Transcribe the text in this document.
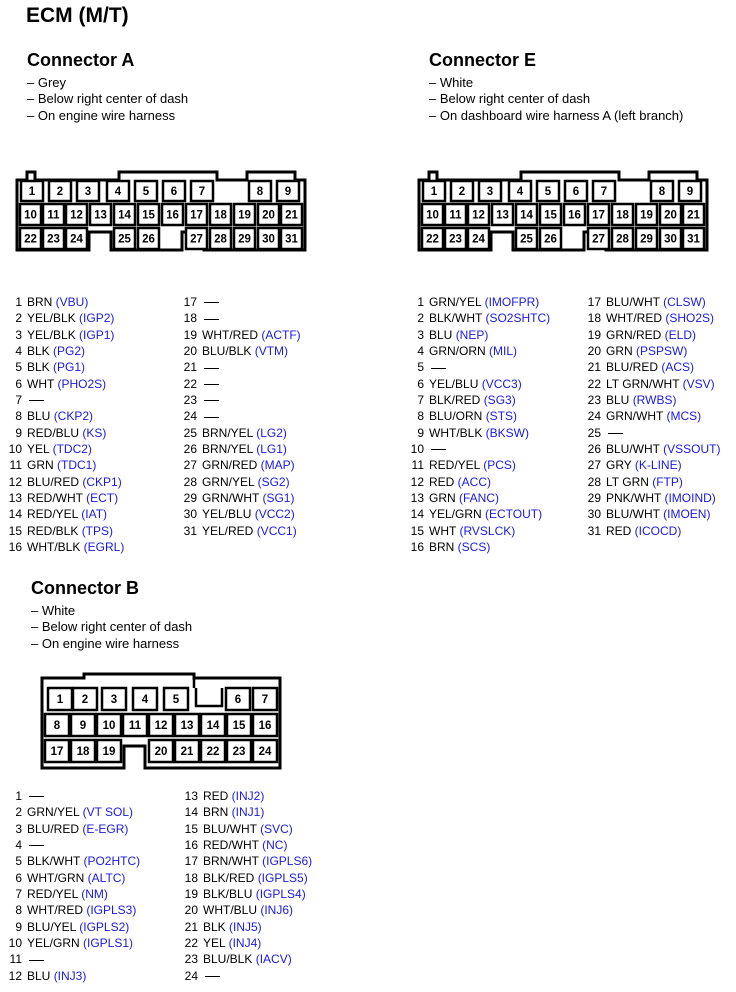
ECM (M/T)
Connector A
– Grey
– Below right center of dash
– On engine wire harness
1 2 3 4 5 6 7	8 9
10 11 12 13 14 15 16 17 18 19 20 21
22 23 24	25 26	27 28 29 30 31
1 BRN (VBU)
2 YEL/BLK (IGP2)
3 YEL/BLK (IGP1)
4 BLK (PG2)
5 BLK (PG1)
6 WHT (PHO2S)
7
8 BLU (CKP2)
9 RED/BLU (KS)
10 YEL (TDC2)
11 GRN (TDC1)
12 BLU/RED (CKP1)
13 RED/WHT (ECT)
14 RED/YEL (IAT)
15 RED/BLK (TPS)
16 WHT/BLK (EGRL)
17
18
19 WHT/RED (ACTF)
20 BLU/BLK (VTM)
21
22
23
24
25 BRN/YEL (LG2)
26 BRN/YEL (LG1)
27 GRN/RED (MAP)
28 GRN/YEL (SG2)
29 GRN/WHT (SG1)
30 YEL/BLU (VCC2)
31 YEL/RED (VCC1)
Connector E
– White
– Below right center of dash
– On dashboard wire harness A (left branch)
1 2 3 4 5 6 7	8 9
10 11 12 13 14 15 16 17 18 19 20 21
22 23 24	25 26	27 28 29 30 31
1 GRN/YEL (IMOFPR)
2 BLK/WHT (SO2SHTC)
3 BLU (NEP)
4 GRN/ORN (MIL)
5
6 YEL/BLU (VCC3)
7 BLK/RED (SG3)
8 BLU/ORN (STS)
9 WHT/BLK (BKSW)
10
11 RED/YEL (PCS)
12 RED (ACC)
13 GRN (FANC)
14 YEL/GRN (ECTOUT)
15 WHT (RVSLCK)
16 BRN (SCS)
17 BLU/WHT (CLSW)
18 WHT/RED (SHO2S)
19 GRN/RED (ELD)
20 GRN (PSPSW)
21 BLU/RED (ACS)
22 LT GRN/WHT (VSV)
23 BLU (RWBS)
24 GRN/WHT (MCS)
25
26 BLU/WHT (VSSOUT)
27 GRY (K-LINE)
28 LT GRN (FTP)
29 PNK/WHT (IMOIND)
30 BLU/WHT (IMOEN)
31 RED (ICOCD)
Connector B
– White
– Below right center of dash
– On engine wire harness
1 2 3 4 5	6 7
8 9 10 11 12 13 14 15 16
17 18 19	20 21 22 23 24
1
2 GRN/YEL (VT SOL)
3 BLU/RED (E-EGR)
4
5 BLK/WHT (PO2HTC)
6 WHT/GRN (ALTC)
7 RED/YEL (NM)
8 WHT/RED (IGPLS3)
9 BLU/YEL (IGPLS2)
10 YEL/GRN (IGPLS1)
11
12 BLU (INJ3)
13 RED (INJ2)
14 BRN (INJ1)
15 BLU/WHT (SVC)
16 RED/WHT (NC)
17 BRN/WHT (IGPLS6)
18 BLK/RED (IGPLS5)
19 BLK/BLU (IGPLS4)
20 WHT/BLU (INJ6)
21 BLK (INJ5)
22 YEL (INJ4)
23 BLU/BLK (IACV)
24
